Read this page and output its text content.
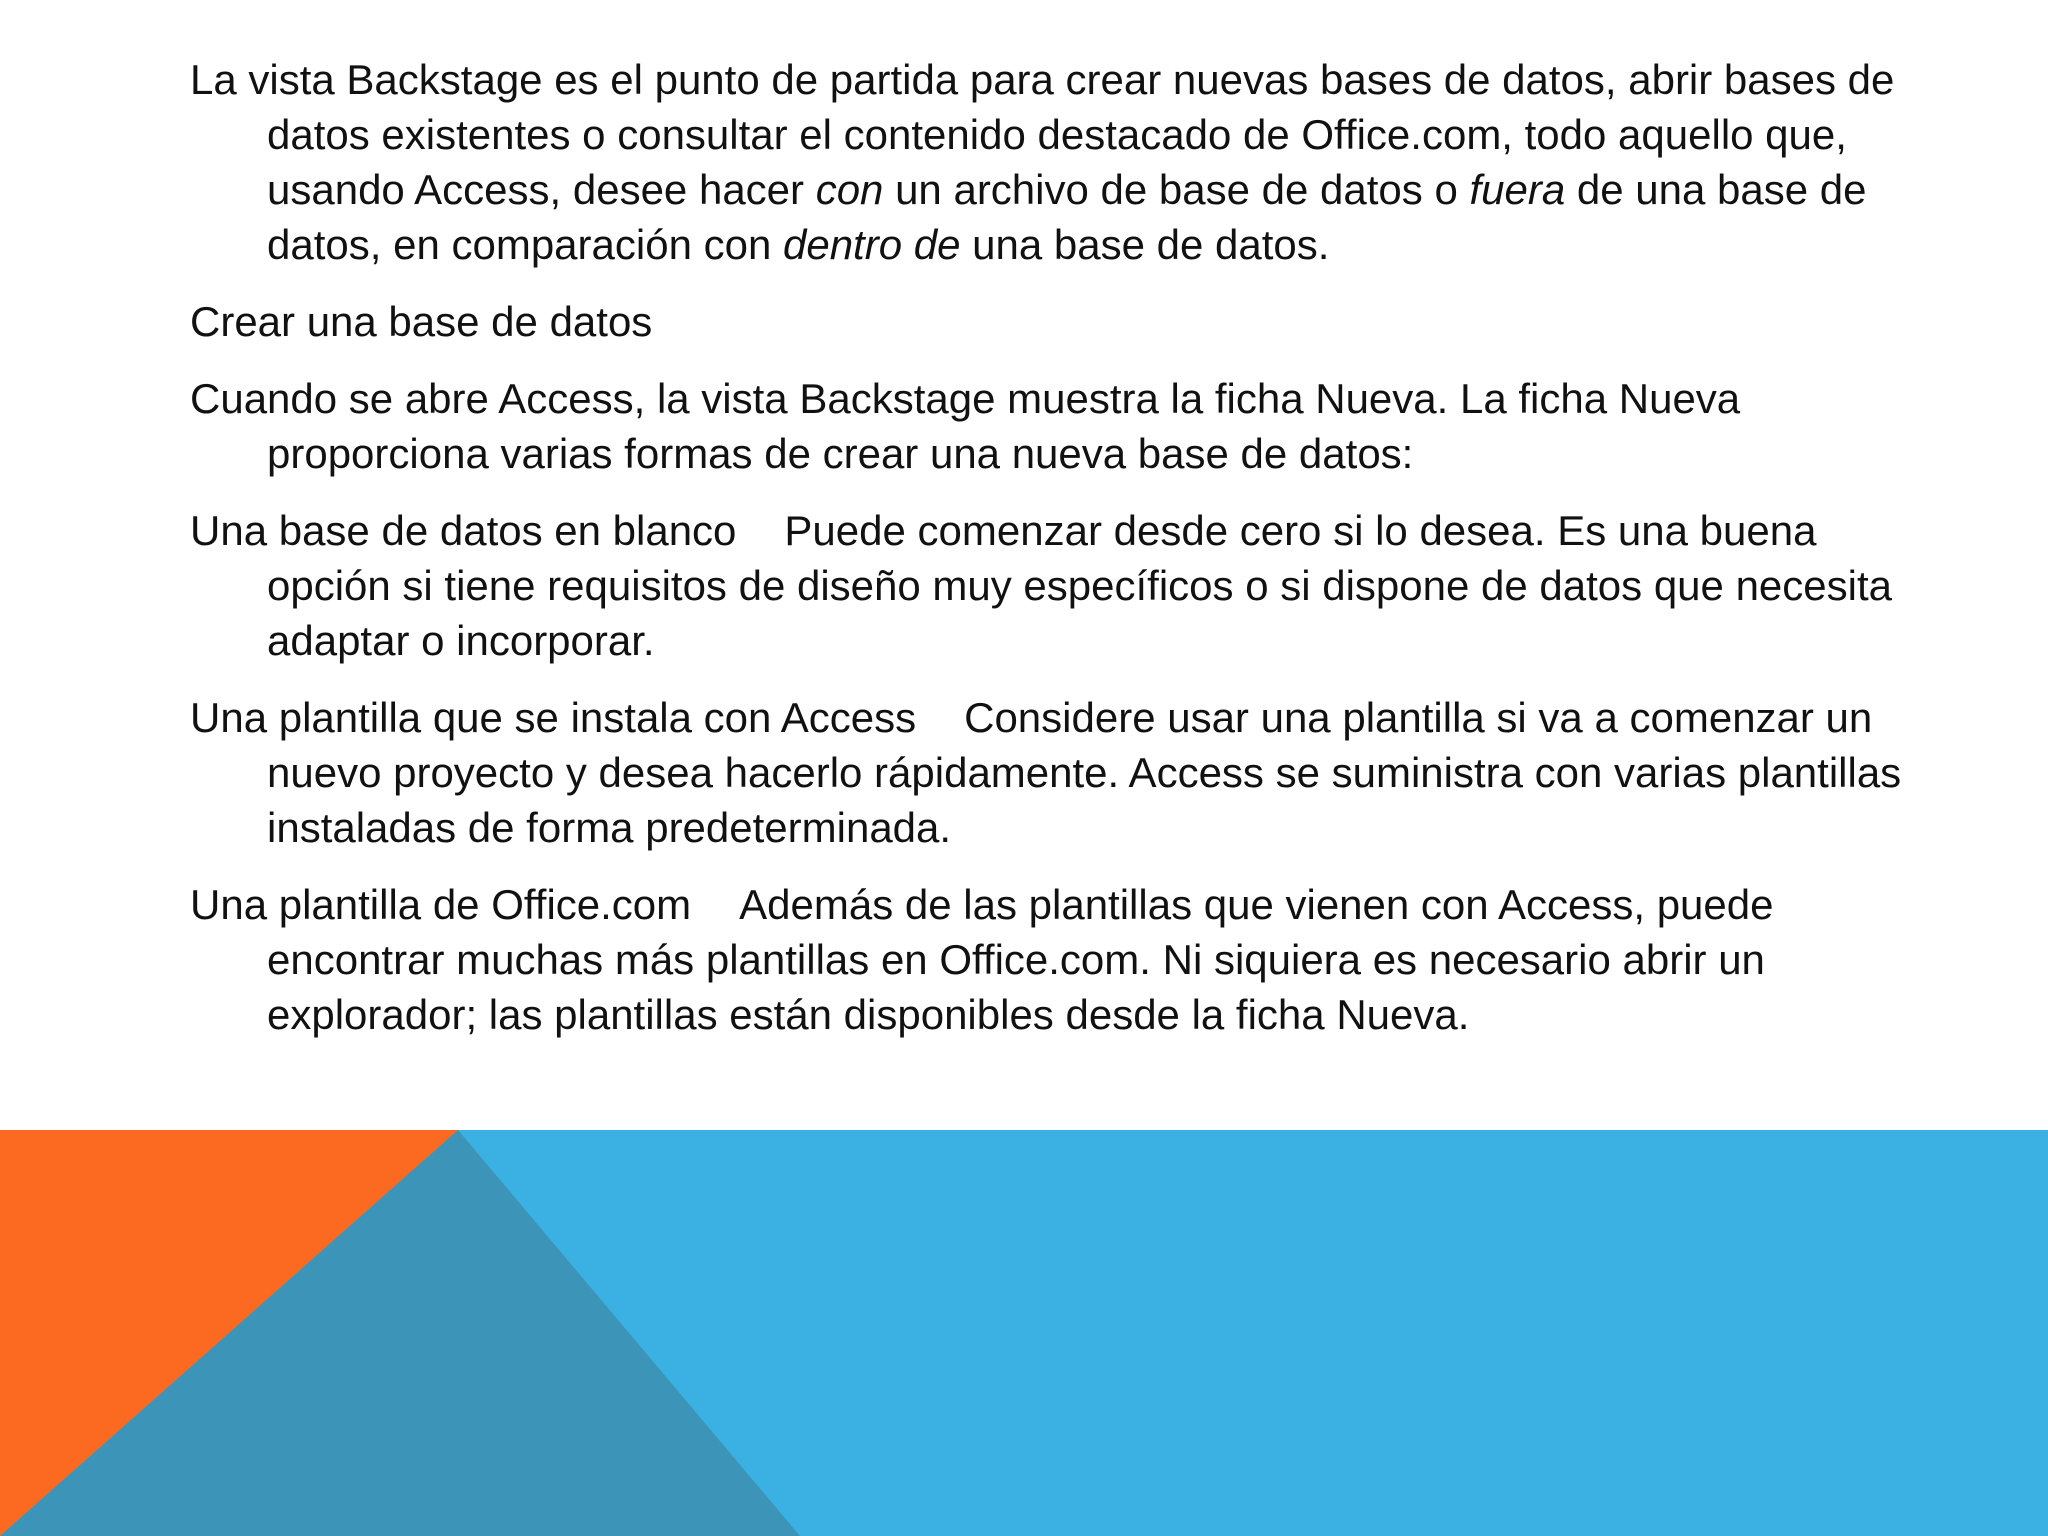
La vista Backstage es el punto de partida para crear nuevas bases de datos, abrir bases de datos existentes o consultar el contenido destacado de Office.com, todo aquello que, usando Access, desee hacer con un archivo de base de datos o fuera de una base de datos, en comparación con dentro de una base de datos.

Crear una base de datos

Cuando se abre Access, la vista Backstage muestra la ficha Nueva. La ficha Nueva proporciona varias formas de crear una nueva base de datos:

Una base de datos en blanco Puede comenzar desde cero si lo desea. Es una buena opción si tiene requisitos de diseño muy específicos o si dispone de datos que necesita adaptar o incorporar.

Una plantilla que se instala con Access Considere usar una plantilla si va a comenzar un nuevo proyecto y desea hacerlo rápidamente. Access se suministra con varias plantillas instaladas de forma predeterminada.

Una plantilla de Office.com Además de las plantillas que vienen con Access, puede encontrar muchas más plantillas en Office.com. Ni siquiera es necesario abrir un explorador; las plantillas están disponibles desde la ficha Nueva.
